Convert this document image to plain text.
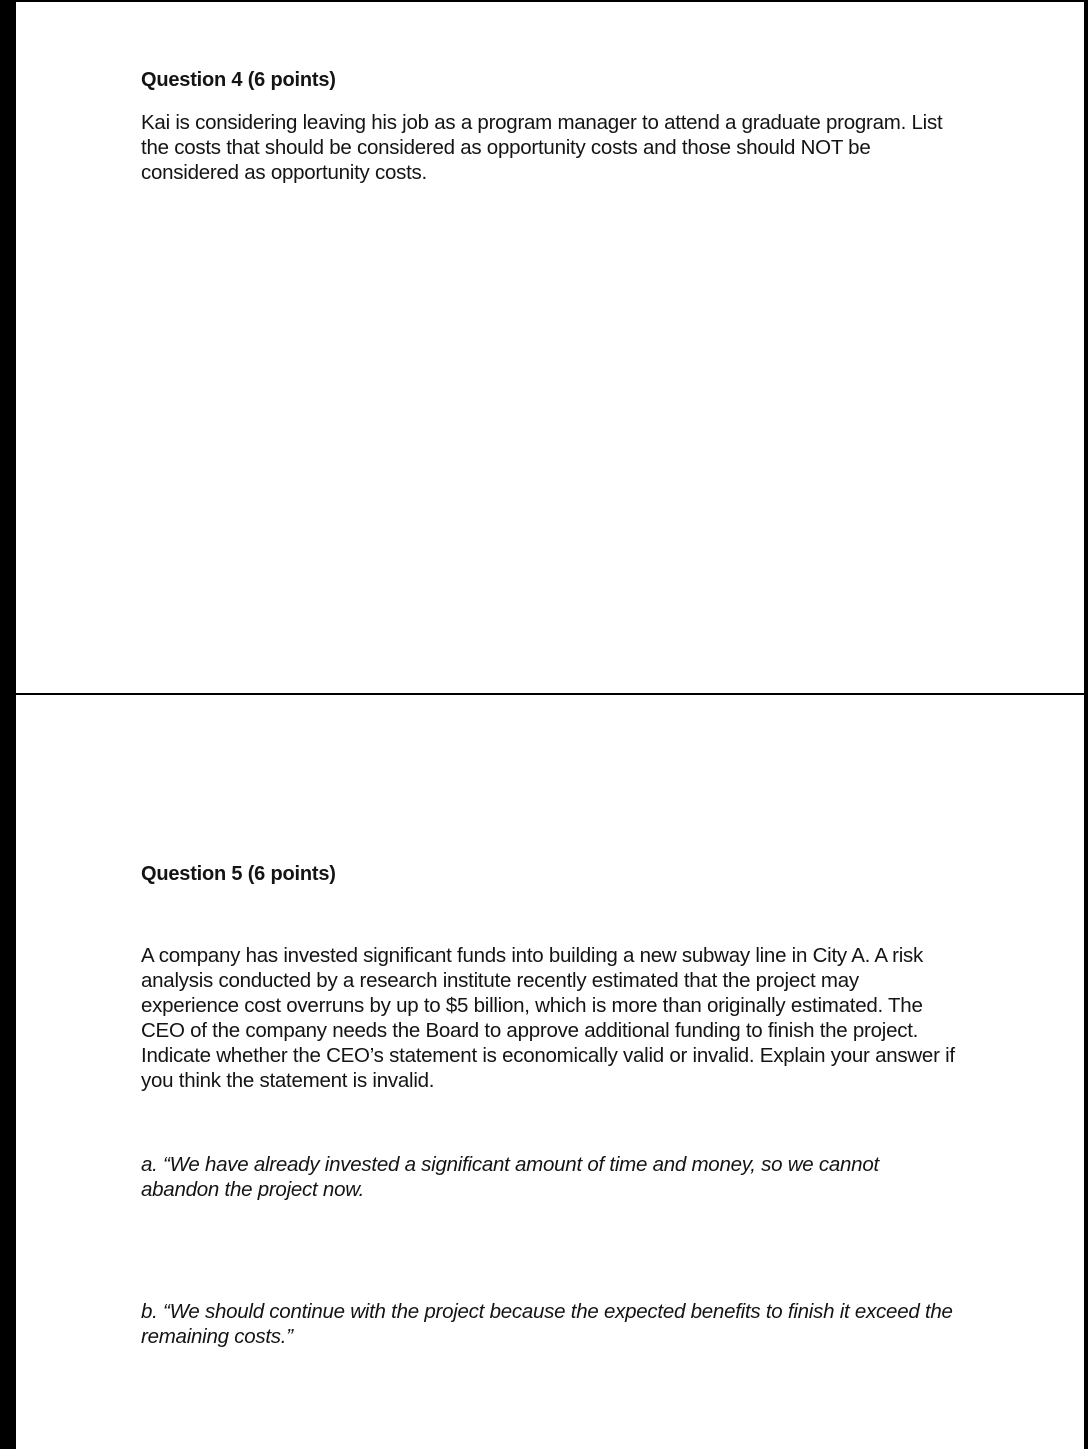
Question 4 (6 points)

Kai is considering leaving his job as a program manager to attend a graduate program. List the costs that should be considered as opportunity costs and those should NOT be considered as opportunity costs.

Question 5 (6 points)

A company has invested significant funds into building a new subway line in City A. A risk analysis conducted by a research institute recently estimated that the project may experience cost overruns by up to $5 billion, which is more than originally estimated. The CEO of the company needs the Board to approve additional funding to finish the project. Indicate whether the CEO’s statement is economically valid or invalid. Explain your answer if you think the statement is invalid.

a. “We have already invested a significant amount of time and money, so we cannot abandon the project now.

b. “We should continue with the project because the expected benefits to finish it exceed the remaining costs.”
